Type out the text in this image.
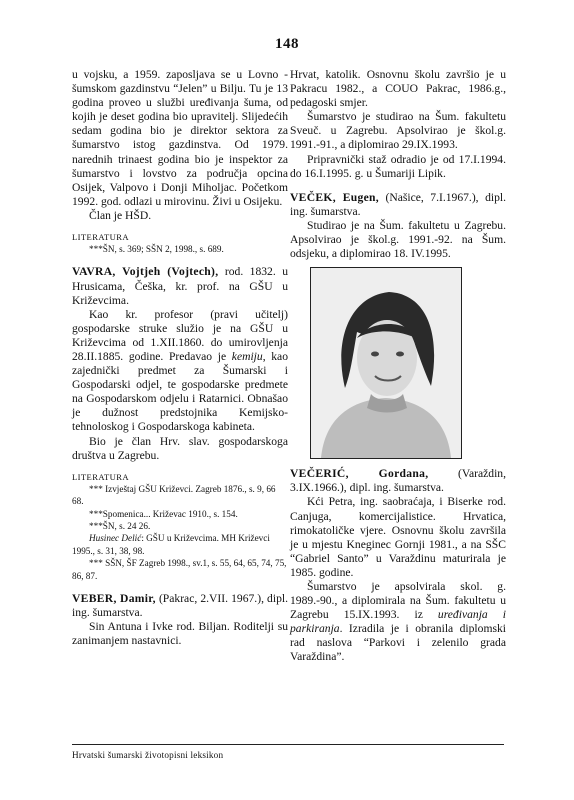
148

u vojsku, a 1959. zaposljava se u Lovno - šumskom gazdinstvu “Jelen” u Bilju. Tu je 13 godina proveo u službi uređivanja šuma, od kojih je deset godina bio upravitelj. Slijedećih sedam godina bio je direktor sektora za šumarstvo istog gazdinstva. Od 1979. narednih trinaest godina bio je inspektor za šumarstvo i lovstvo za područja opcina Osijek, Valpovo i Donji Miholjac. Početkom 1992. god. odlazi u mirovinu. Živi u Osijeku.

Član je HŠD.

LITERATURA

***ŠN, s. 369; SŠN 2, 1998., s. 689.

VAVRA, Vojtjeh (Vojtech), rod. 1832. u Hrusicama, Češka, kr. prof. na GŠU u Križevcima.

Kao kr. profesor (pravi učitelj) gospodarske struke služio je na GŠU u Križevcima od 1.XII.1860. do umirovljenja 28.II.1885. godine. Predavao je kemiju, kao zajednički predmet za Šumarski i Gospodarski odjel, te gospodarske predmete na Gospodarskom odjelu i Ratarnici. Obnašao je dužnost predstojnika Kemijsko-tehnoloskog i Gospodarskoga kabineta.

Bio je član Hrv. slav. gospodarskoga društva u Zagrebu.

LITERATURA

*** Izvještaj GŠU Križevci. Zagreb 1876., s. 9, 66 68.

***Spomenica... Križevac 1910., s. 154.

***ŠN, s. 24 26.

Husinec Delić: GŠU u Križevcima. MH Križevci 1995., s. 31, 38, 98.

*** SŠN, ŠF Zagreb 1998., sv.1, s. 55, 64, 65, 74, 75, 86, 87.

VEBER, Damir, (Pakrac, 2.VII. 1967.), dipl. ing. šumarstva.

Sin Antuna i Ivke rod. Biljan. Roditelji su zanimanjem nastavnici.

Hrvat, katolik. Osnovnu školu završio je u Pakracu 1982., a COUO Pakrac, 1986.g., pedagoski smjer.

Šumarstvo je studirao na Šum. fakultetu Sveuč. u Zagrebu. Apsolvirao je škol.g. 1991.-91., a diplomirao 29.IX.1993.

Pripravnički staž odradio je od 17.I.1994. do 16.I.1995. g. u Šumariji Lipik.

VEČEK, Eugen, (Našice, 7.I.1967.), dipl. ing. šumarstva.

Studirao je na Šum. fakultetu u Zagrebu. Apsolvirao je škol.g. 1991.-92. na Šum. odsjeku, a diplomirao 18. IV.1995.

VEČERIĆ, Gordana, (Varaždin, 3.IX.1966.), dipl. ing. šumarstva.

Kći Petra, ing. saobraćaja, i Biserke rod. Canjuga, komercijalistice. Hrvatica, rimokatoličke vjere. Osnovnu školu završila je u mjestu Kneginec Gornji 1981., a na SŠC “Gabriel Santo” u Varaždinu maturirala je 1985. godine.

Šumarstvo je apsolvirala skol. g. 1989.-90., a diplomirala na Šum. fakultetu u Zagrebu 15.IX.1993. iz uređivanja i parkiranja. Izradila je i obranila diplomski rad naslova “Parkovi i zelenilo grada Varaždina”.

Hrvatski šumarski životopisni leksikon
